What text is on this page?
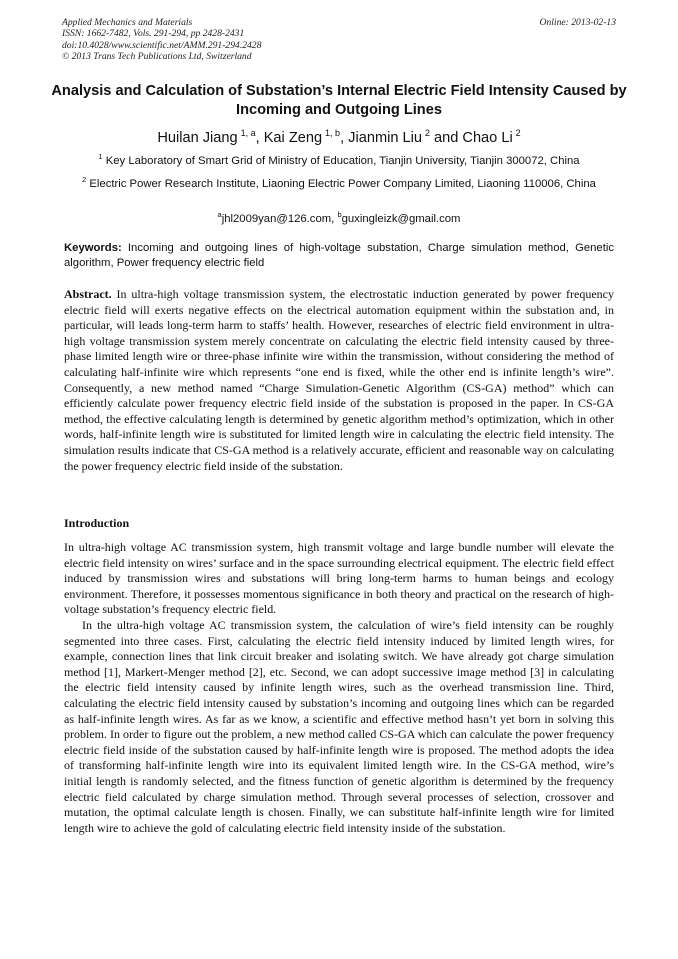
Applied Mechanics and Materials
ISSN: 1662-7482, Vols. 291-294, pp 2428-2431
doi:10.4028/www.scientific.net/AMM.291-294.2428
© 2013 Trans Tech Publications Ltd, Switzerland
Online: 2013-02-13
Analysis and Calculation of Substation’s Internal Electric Field Intensity Caused by Incoming and Outgoing Lines
Huilan Jiang  $^{1, a}$, Kai Zeng  $^{1, b}$, Jianmin Liu  $^2$ and Chao Li  $^2$
$^1$ Key Laboratory of Smart Grid of Ministry of Education, Tianjin University, Tianjin 300072, China
$^2$ Electric Power Research Institute, Liaoning Electric Power Company Limited, Liaoning 110006, China
$^a$jhl2009yan@126.com, $^b$guxingleizk@gmail.com
Keywords: Incoming and outgoing lines of high-voltage substation, Charge simulation method, Genetic algorithm, Power frequency electric field

Abstract. In ultra-high voltage transmission system, the electrostatic induction generated by power frequency electric field will exerts negative effects on the electrical automation equipment within the substation and, in particular, will leads long-term harm to staffs’ health. However, researches of electric field environment in ultra-high voltage transmission system merely concentrate on calculating the electric field intensity caused by three-phase limited length wire or three-phase infinite wire within the transmission, without considering the method of calculating half-infinite wire which represents “one end is fixed, while the other end is infinite length’s wire”. Consequently, a new method named “Charge Simulation-Genetic Algorithm (CS-GA) method” which can efficiently calculate power frequency electric field inside of the substation is proposed in the paper. In CS-GA method, the effective calculating length is determined by genetic algorithm method’s optimization, which in other words, half-infinite length wire is substituted for limited length wire in calculating the electric field intensity. The simulation results indicate that CS-GA method is a relatively accurate, efficient and reasonable way on calculating the power frequency electric field inside of the substation.

Introduction

In ultra-high voltage AC transmission system, high transmit voltage and large bundle number will elevate the electric field intensity on wires’ surface and in the space surrounding electrical equipment. The electric field effect induced by transmission wires and substations will bring long-term harms to human beings and ecology environment. Therefore, it possesses momentous significance in both theory and practical on the research of high-voltage substation’s frequency electric field.

In the ultra-high voltage AC transmission system, the calculation of wire’s field intensity can be roughly segmented into three cases. First, calculating the electric field intensity induced by limited length wires, for example, connection lines that link circuit breaker and isolating switch. We have already got charge simulation method [1], Markert-Menger method [2], etc. Second, we can adopt successive image method [3] in calculating the electric field intensity caused by infinite length wires, such as the overhead transmission line. Third, calculating the electric field intensity caused by substation’s incoming and outgoing lines which can be regarded as half-infinite length wires. As far as we know, a scientific and effective method hasn’t yet born in solving this problem. In order to figure out the problem, a new method called CS-GA which can calculate the power frequency electric field inside of the substation caused by half-infinite length wire is proposed. The method adopts the idea of transforming half-infinite length wire into its equivalent limited length wire. In the CS-GA method, wire’s initial length is randomly selected, and the fitness function of genetic algorithm is determined by the frequency electric field calculated by charge simulation method. Through several processes of selection, crossover and mutation, the optimal calculate length is chosen. Finally, we can substitute half-infinite length wire for limited length wire to achieve the gold of calculating electric field intensity inside of the substation.
